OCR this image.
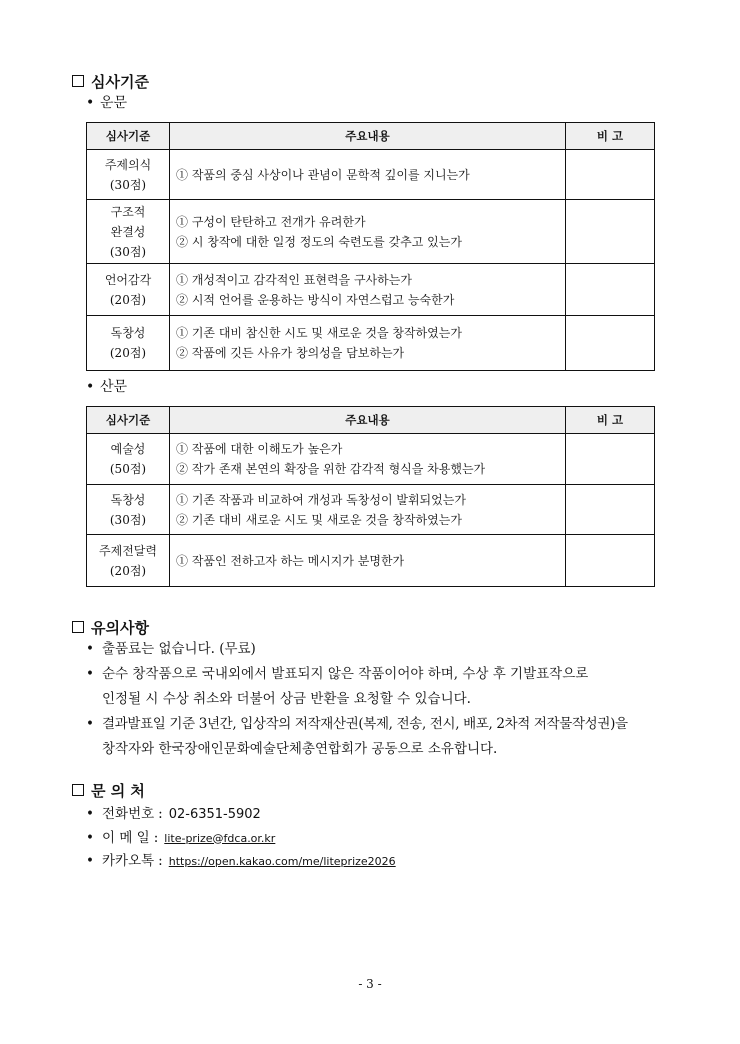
심사기준
• 운문
심사기준	주요내용	비 고

주제의식
(30점)	① 작품의 중심 사상이나 관념이 문학적 깊이를 지니는가	

구조적
완결성
(30점)	① 구성이 탄탄하고 전개가 유려한가
② 시 창작에 대한 일정 정도의 숙련도를 갖추고 있는가	

언어감각
(20점)	① 개성적이고 감각적인 표현력을 구사하는가
② 시적 언어를 운용하는 방식이 자연스럽고 능숙한가	

독창성
(20점)	① 기존 대비 참신한 시도 및 새로운 것을 창작하였는가
② 작품에 깃든 사유가 창의성을 담보하는가	

• 산문
심사기준	주요내용	비 고

예술성
(50점)	① 작품에 대한 이해도가 높은가
② 작가 존재 본연의 확장을 위한 감각적 형식을 차용했는가	

독창성
(30점)	① 기존 작품과 비교하여 개성과 독창성이 발휘되었는가
② 기존 대비 새로운 시도 및 새로운 것을 창작하였는가	

주제전달력
(20점)	① 작품인 전하고자 하는 메시지가 분명한가	

유의사항
• 출품료는 없습니다. (무료)
• 순수 창작품으로 국내외에서 발표되지 않은 작품이어야 하며, 수상 후 기발표작으로
인정될 시 수상 취소와 더불어 상금 반환을 요청할 수 있습니다.
• 결과발표일 기준 3년간, 입상작의 저작재산권(복제, 전송, 전시, 배포, 2차적 저작물작성권)을
창작자와 한국장애인문화예술단체총연합회가 공동으로 소유합니다.
문 의 처
• 전화번호 : 02-6351-5902
• 이 메 일 : lite-prize@fdca.or.kr
• 카카오톡 : https://open.kakao.com/me/liteprize2026
- 3 -
